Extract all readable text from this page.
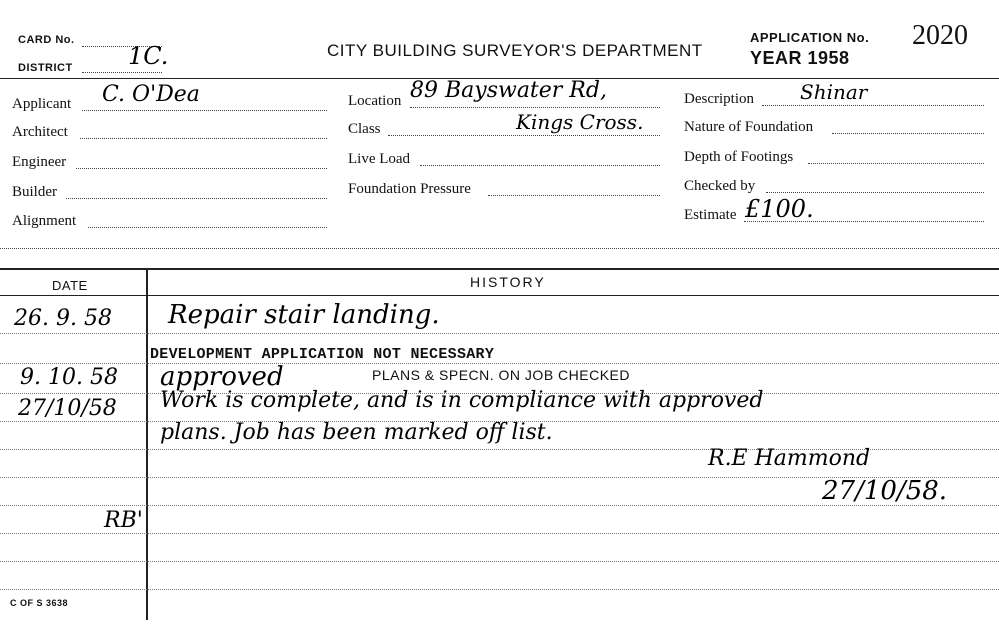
CARD No.
DISTRICT 1C.	CITY BUILDING SURVEYOR'S DEPARTMENT
APPLICATION No. 2020
YEAR 1958
Applicant C. O'Dea
Architect
Engineer
Builder
Alignment
Location 89 Bayswater Rd,
Class	Kings Cross.
Live Load
Foundation Pressure
Description Shinar
Nature of Foundation
Depth of Footings
Checked by
Estimate £100.
DATE	HISTORY
26. 9. 58 Repair stair landing.
DEVELOPMENT APPLICATION NOT NECESSARY
9. 10. 58 approved	PLANS & SPECN. ON JOB CHECKED
27/10/58 Work is complete, and is in compliance with approved
plans. Job has been marked off list.
R.E Hammond
27/10/58.
RB'
C OF S 3638
